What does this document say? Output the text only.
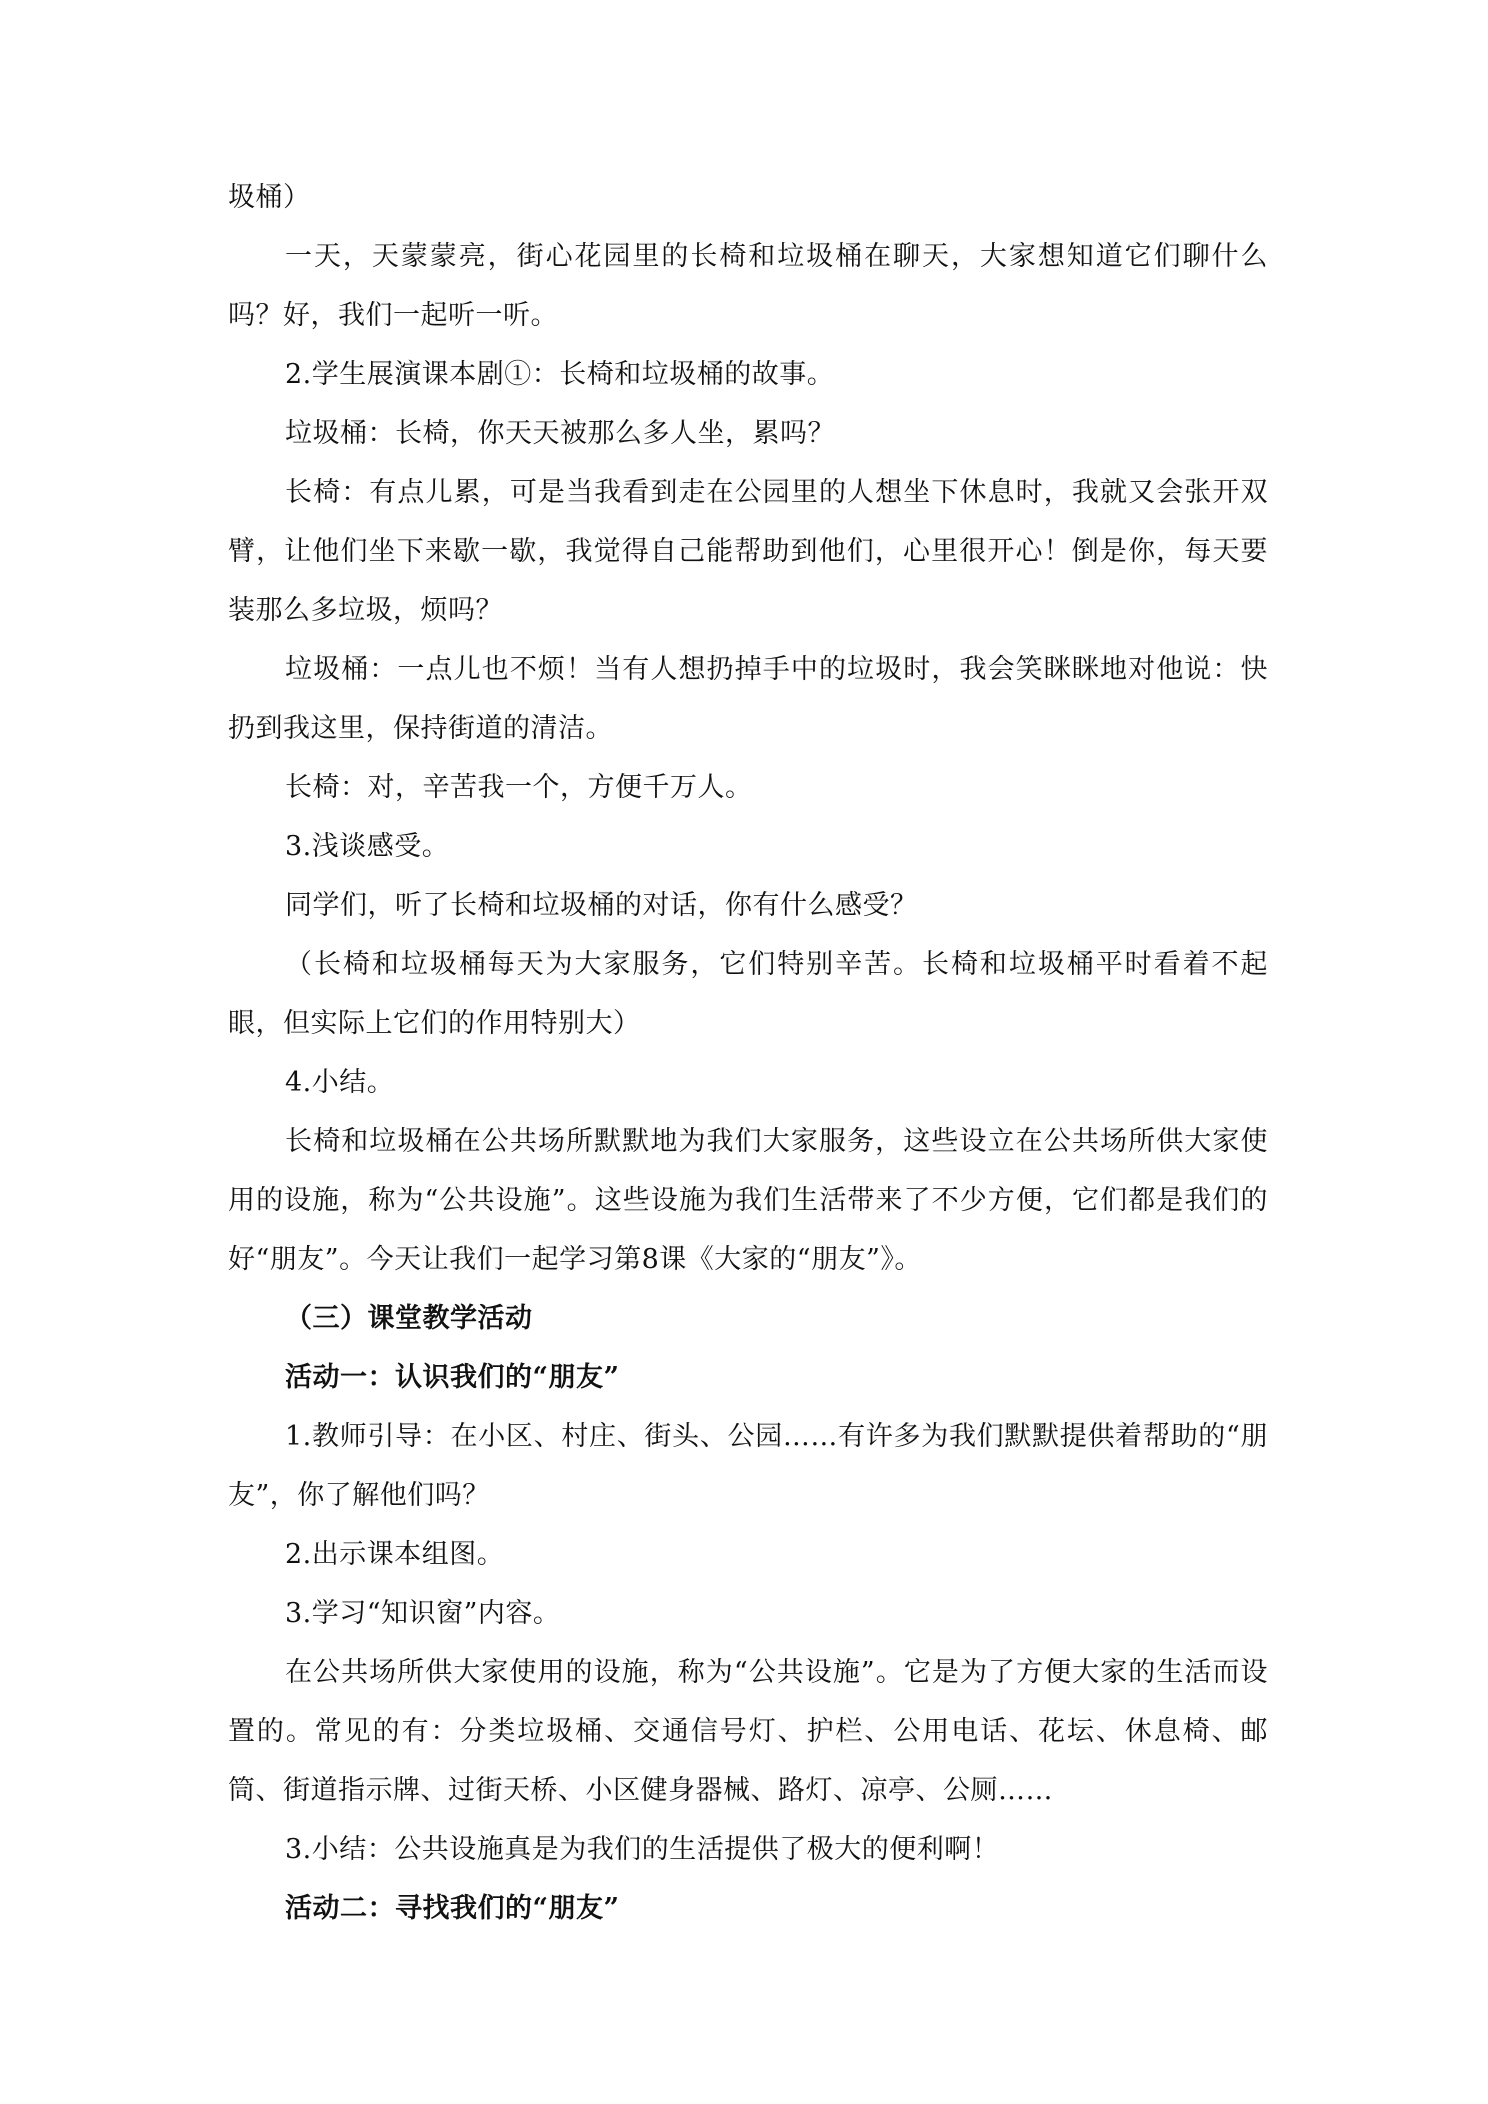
圾桶）

一天，天蒙蒙亮，街心花园里的长椅和垃圾桶在聊天，大家想知道它们聊什么吗？好，我们一起听一听。

2.学生展演课本剧①：长椅和垃圾桶的故事。

垃圾桶：长椅，你天天被那么多人坐，累吗？

长椅：有点儿累，可是当我看到走在公园里的人想坐下休息时，我就又会张开双臂，让他们坐下来歇一歇，我觉得自己能帮助到他们，心里很开心！倒是你，每天要装那么多垃圾，烦吗？

垃圾桶：一点儿也不烦！当有人想扔掉手中的垃圾时，我会笑眯眯地对他说：快扔到我这里，保持街道的清洁。

长椅：对，辛苦我一个，方便千万人。

3.浅谈感受。

同学们，听了长椅和垃圾桶的对话，你有什么感受？

（长椅和垃圾桶每天为大家服务，它们特别辛苦。长椅和垃圾桶平时看着不起眼，但实际上它们的作用特别大）

4.小结。

长椅和垃圾桶在公共场所默默地为我们大家服务，这些设立在公共场所供大家使用的设施，称为“公共设施”。这些设施为我们生活带来了不少方便，它们都是我们的好“朋友”。今天让我们一起学习第8课《大家的“朋友”》。

（三）课堂教学活动

活动一：认识我们的“朋友”

1.教师引导：在小区、村庄、街头、公园……有许多为我们默默提供着帮助的“朋友”，你了解他们吗？

2.出示课本组图。

3.学习“知识窗”内容。

在公共场所供大家使用的设施，称为“公共设施”。它是为了方便大家的生活而设置的。常见的有：分类垃圾桶、交通信号灯、护栏、公用电话、花坛、休息椅、邮筒、街道指示牌、过街天桥、小区健身器械、路灯、凉亭、公厕……

3.小结：公共设施真是为我们的生活提供了极大的便利啊！

活动二：寻找我们的“朋友”
